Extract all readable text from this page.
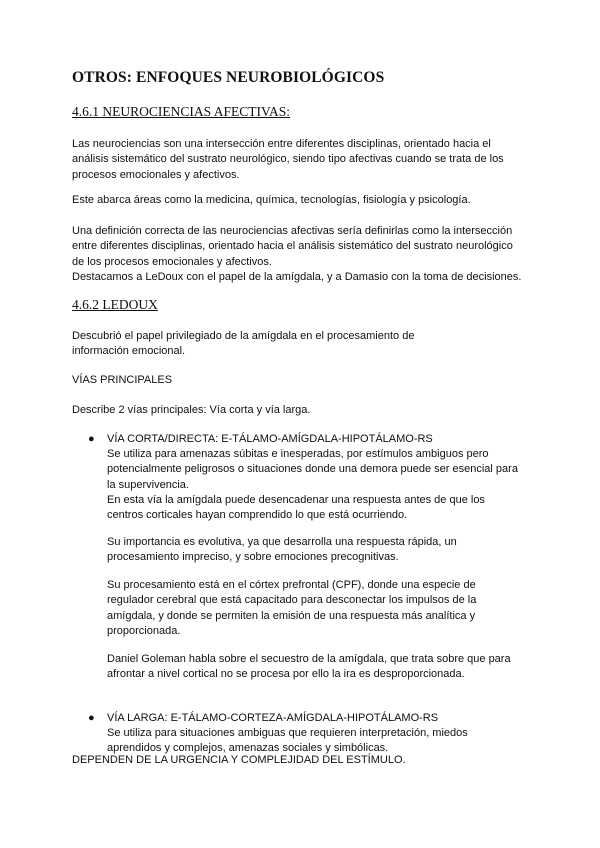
OTROS: ENFOQUES NEUROBIOLÓGICOS
4.6.1 NEUROCIENCIAS AFECTIVAS:
Las neurociencias son una intersección entre diferentes disciplinas, orientado hacia el
análisis sistemático del sustrato neurológico, siendo tipo afectivas cuando se trata de los
procesos emocionales y afectivos.
Este abarca áreas como la medicina, química, tecnologías, fisiología y psicología.
Una definición correcta de las neurociencias afectivas sería definirlas como la intersección
entre diferentes disciplinas, orientado hacia el análisis sistemático del sustrato neurológico
de los procesos emocionales y afectivos.
Destacamos a LeDoux con el papel de la amígdala, y a Damasio con la toma de decisiones.
4.6.2 LEDOUX
Descubrió el papel privilegiado de la amígdala en el procesamiento de
información emocional.
VÍAS PRINCIPALES
Describe 2 vías principales: Vía corta y vía larga.
● VÍA CORTA/DIRECTA: E-TÁLAMO-AMÍGDALA-HIPOTÁLAMO-RS
Se utiliza para amenazas súbitas e inesperadas, por estímulos ambiguos pero
potencialmente peligrosos o situaciones donde una demora puede ser esencial para
la supervivencia.
En esta vía la amígdala puede desencadenar una respuesta antes de que los
centros corticales hayan comprendido lo que está ocurriendo.
Su importancia es evolutiva, ya que desarrolla una respuesta rápida, un
procesamiento impreciso, y sobre emociones precognitivas.
Su procesamiento está en el córtex prefrontal (CPF), donde una especie de
regulador cerebral que está capacitado para desconectar los impulsos de la
amígdala, y donde se permiten la emisión de una respuesta más analítica y
proporcionada.
Daniel Goleman habla sobre el secuestro de la amígdala, que trata sobre que para
afrontar a nivel cortical no se procesa por ello la ira es desproporcionada.
● VÍA LARGA: E-TÁLAMO-CORTEZA-AMÍGDALA-HIPOTÁLAMO-RS
Se utiliza para situaciones ambiguas que requieren interpretación, miedos
aprendidos y complejos, amenazas sociales y simbólicas.
DEPENDEN DE LA URGENCIA Y COMPLEJIDAD DEL ESTÍMULO.
